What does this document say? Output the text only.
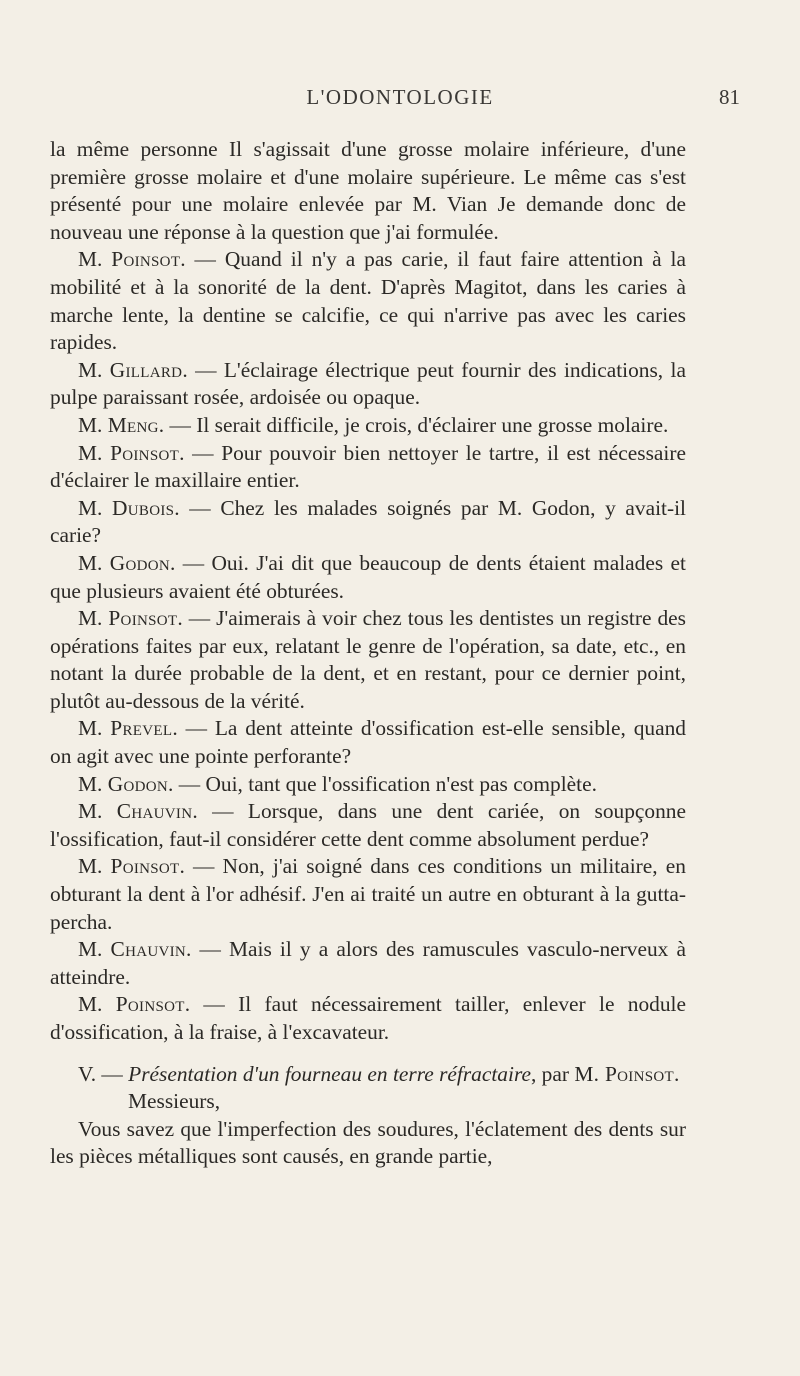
L'ODONTOLOGIE	81

la même personne Il s'agissait d'une grosse molaire inférieure, d'une première grosse molaire et d'une molaire supérieure. Le même cas s'est présenté pour une molaire enlevée par M. Vian Je demande donc de nouveau une réponse à la question que j'ai formulée.

M. Poinsot. — Quand il n'y a pas carie, il faut faire attention à la mobilité et à la sonorité de la dent. D'après Magitot, dans les caries à marche lente, la dentine se calcifie, ce qui n'arrive pas avec les caries rapides.

M. Gillard. — L'éclairage électrique peut fournir des indications, la pulpe paraissant rosée, ardoisée ou opaque.

M. Meng. — Il serait difficile, je crois, d'éclairer une grosse molaire.

M. Poinsot. — Pour pouvoir bien nettoyer le tartre, il est nécessaire d'éclairer le maxillaire entier.

M. Dubois. — Chez les malades soignés par M. Godon, y avait-il carie?

M. Godon. — Oui. J'ai dit que beaucoup de dents étaient malades et que plusieurs avaient été obturées.

M. Poinsot. — J'aimerais à voir chez tous les dentistes un registre des opérations faites par eux, relatant le genre de l'opération, sa date, etc., en notant la durée probable de la dent, et en restant, pour ce dernier point, plutôt au-dessous de la vérité.

M. Prevel. — La dent atteinte d'ossification est-elle sensible, quand on agit avec une pointe perforante?

M. Godon. — Oui, tant que l'ossification n'est pas complète.

M. Chauvin. — Lorsque, dans une dent cariée, on soupçonne l'ossification, faut-il considérer cette dent comme absolument perdue?

M. Poinsot. — Non, j'ai soigné dans ces conditions un militaire, en obturant la dent à l'or adhésif. J'en ai traité un autre en obturant à la gutta-percha.

M. Chauvin. — Mais il y a alors des ramuscules vasculo-nerveux à atteindre.

M. Poinsot. — Il faut nécessairement tailler, enlever le nodule d'ossification, à la fraise, à l'excavateur.

V. — Présentation d'un fourneau en terre réfractaire, par M. Poinsot.

Messieurs,

Vous savez que l'imperfection des soudures, l'éclatement des dents sur les pièces métalliques sont causés, en grande partie,
